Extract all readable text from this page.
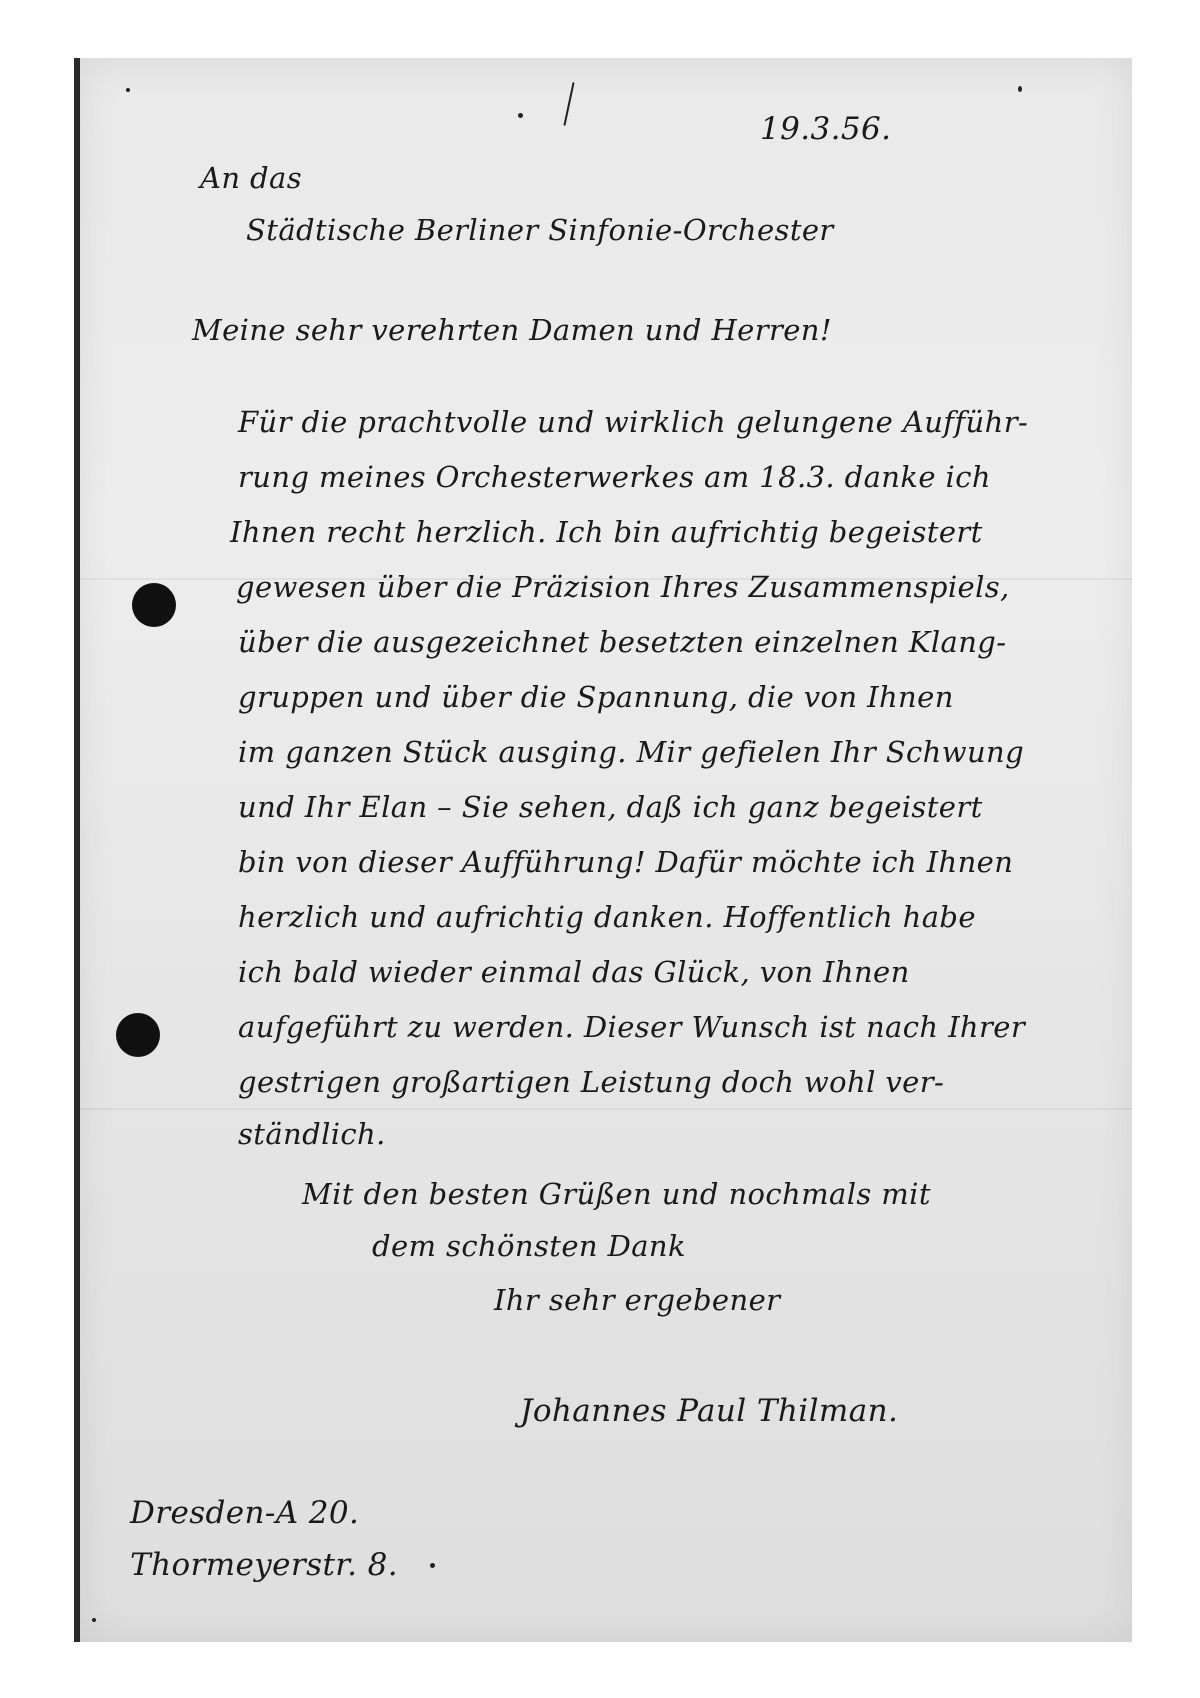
19.3.56.
An das
Städtische Berliner Sinfonie-Orchester
Meine sehr verehrten Damen und Herren!
Für die prachtvolle und wirklich gelungene Aufführ-
rung meines Orchesterwerkes am 18.3. danke ich
Ihnen recht herzlich. Ich bin aufrichtig begeistert
gewesen über die Präzision Ihres Zusammenspiels,
über die ausgezeichnet besetzten einzelnen Klang-
gruppen und über die Spannung, die von Ihnen
im ganzen Stück ausging. Mir gefielen Ihr Schwung
und Ihr Elan – Sie sehen, daß ich ganz begeistert
bin von dieser Aufführung! Dafür möchte ich Ihnen
herzlich und aufrichtig danken. Hoffentlich habe
ich bald wieder einmal das Glück, von Ihnen
aufgeführt zu werden. Dieser Wunsch ist nach Ihrer
gestrigen großartigen Leistung doch wohl ver-
ständlich.
Mit den besten Grüßen und nochmals mit
dem schönsten Dank
Ihr sehr ergebener
Johannes Paul Thilman.
Dresden-A 20.
Thormeyerstr. 8.
